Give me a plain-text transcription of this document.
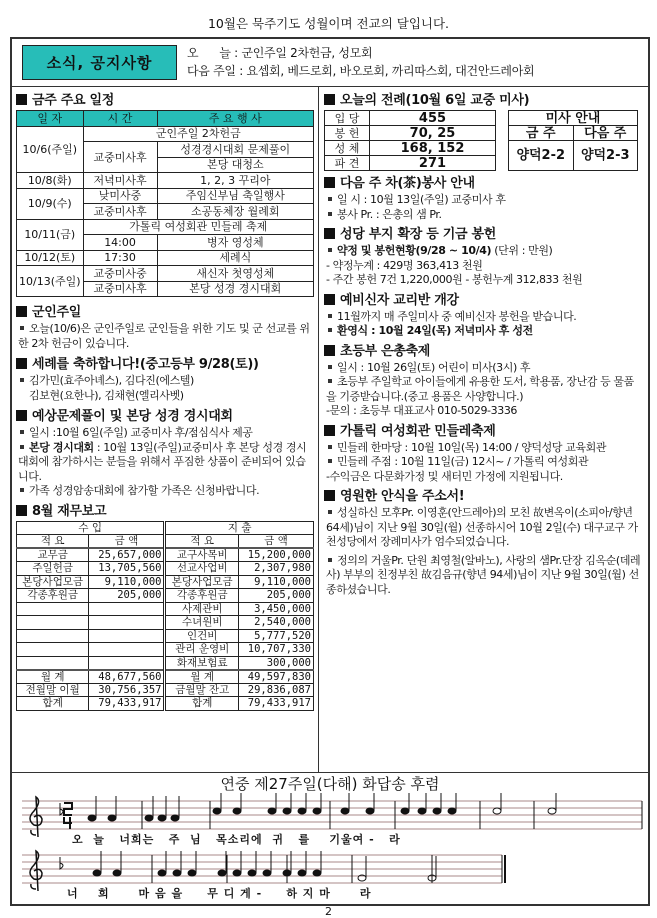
10월은 묵주기도 성월이며 전교의 달입니다.
소식, 공지사항
오      늘 : 군인주일 2차헌금, 성모회
다음 주일 : 요셉회, 베드로회, 바오로회, 까리따스회, 대건안드레아회
금주 주요 일정
일 자	시 간	주 요 행 사
10/6(주일)	군인주일 2차헌금	
	교중미사후	성경경시대회 문제풀이
		본당 대청소
10/8(화)	저녁미사후	1, 2, 3 꾸리아
10/9(수)	낮미사중	주임신부님 축일행사
	교중미사후	소공동체장 월례회
10/11(금)	가톨릭 여성회관 민들레 축제	
	14:00	병자 영성체
10/12(토)	17:30	세례식
10/13(주일)	교중미사중	새신자 첫영성체
	교중미사후	본당 성경 경시대회
군인주일

오늘(10/6)은 군인주일로 군인들을 위한 기도 및 군 선교를 위한 2차 헌금이 있습니다.

세례를 축하합니다!(중고등부 9/28(토))

김가민(효주아녜스), 김다진(에스텔)

김보현(요한나), 김채현(엘리사벳)

예상문제풀이 및 본당 성경 경시대회

일시 :10월 6일(주일) 교중미사 후/점심식사 제공

본당 경시대회 : 10월 13일(주일)교중미사 후 본당 성경 경시대회에 참가하시는 분들을 위해서 푸짐한 상품이 준비되어 있습니다.

가족 성경암송대회에 참가할 가족은 신청바랍니다.

8월 재무보고
수 입		지 출	
적 요	금 액	적 요	금 액
교무금	25,657,000	교구사목비	15,200,000
주일헌금	13,705,560	선교사업비	2,307,980
본당사업모금	9,110,000	본당사업모금	9,110,000
각종후원금	205,000	각종후원금	205,000
		사제관비	3,450,000
		수녀원비	2,540,000
		인건비	5,777,520
		관리 운영비	10,707,330
		화재보험료	300,000
월 계	48,677,560	월 계	49,597,830
전월말 이월	30,756,357	금월말 잔고	29,836,087
합계	79,433,917	합계	79,433,917
오늘의 전례(10월 6일 교중 미사)
입 당	455
봉 헌	70, 25
성 체	168, 152
파 견	271
미사 안내	
금 주	다음 주
양덕2-2	양덕2-3
다음 주 차(茶)봉사 안내

일 시 : 10월 13일(주일) 교중미사 후

봉사 Pr. : 은총의 샘 Pr.

성당 부지 확장 등 기금 봉헌

약정 및 봉헌현황(9/28 ~ 10/4) (단위 : 만원)

- 약정누계 : 429명 363,413 천원

- 주간 봉헌 7건 1,220,000원 - 봉헌누계 312,833 천원

예비신자 교리반 개강

11월까지 매 주일미사 중 예비신자 봉헌을 받습니다.

환영식 : 10월 24일(목) 저녁미사 후 성전

초등부 은총축제

일시 : 10월 26일(토) 어린이 미사(3시) 후

초등부 주일학교 아이들에게 유용한 도서, 학용품, 장난감 등 물품을 기증받습니다.(중고 용품은 사양합니다.)

-문의 : 초등부 대표교사 010-5029-3336

가톨릭 여성회관 민들레축제

민들레 한마당 : 10월 10일(목) 14:00 / 양덕성당 교육회관

민들레 주점 : 10월 11일(금) 12시~ / 가톨릭 여성회관

-수익금은 다문화가정 및 새터민 가정에 지원됩니다.

영원한 안식을 주소서!

성실하신 모후Pr. 이영훈(안드레아)의 모친 故변옥이(소피아/향년64세)님이 지난 9월 30일(월) 선종하시어 10월 2일(수) 대구교구 가천성당에서 장례미사가 엄수되었습니다.

정의의 거울Pr. 단원 최영철(알바노), 사랑의 샘Pr.단장 김옥순(데레사) 부부의 친정부친 故김음규(향년 94세)님이 지난 9월 30일(월) 선종하셨습니다.

연중 제27주일(다해) 화답송 후렴
오  늘   너희는   주  님   목소리에  귀   를    기울여 -   라
너    희      마 음 을     무 디 게 -     하 지 마      라
2
